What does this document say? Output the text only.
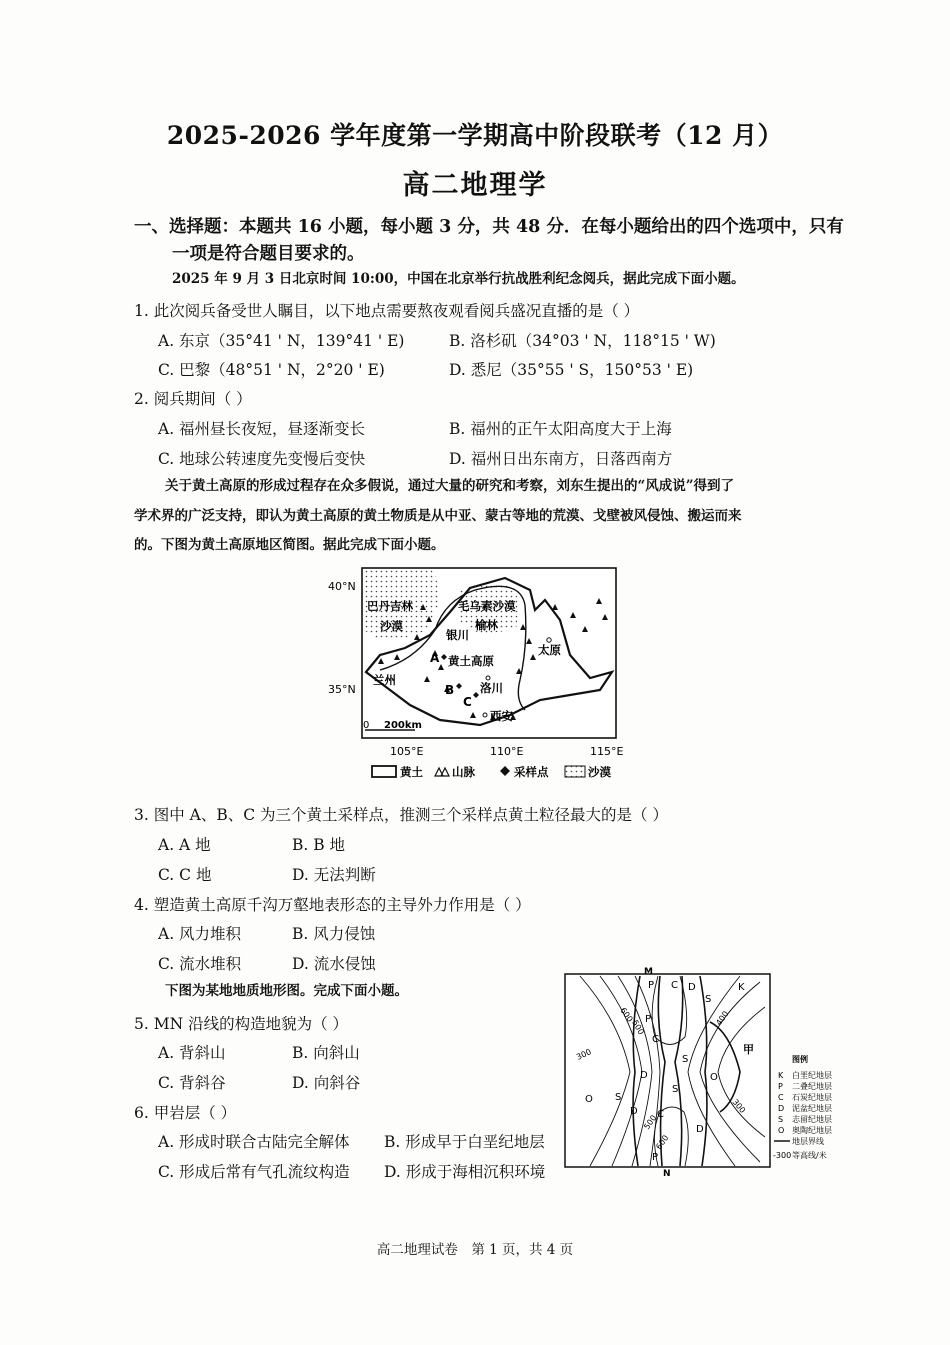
2025-2026 学年度第一学期高中阶段联考（12 月）
高二地理学
一、选择题：本题共 16 小题，每小题 3 分，共 48 分．在每小题给出的四个选项中，只有
一项是符合题目要求的。
2025 年 9 月 3 日北京时间 10:00，中国在北京举行抗战胜利纪念阅兵，据此完成下面小题。
1. 此次阅兵备受世人瞩目，以下地点需要熬夜观看阅兵盛况直播的是（ ）
A. 东京（35°41 ' N，139°41 ' E)	B. 洛杉矶（34°03 ' N，118°15 ' W)
C. 巴黎（48°51 ' N，2°20 ' E)	D. 悉尼（35°55 ' S，150°53 ' E)
2. 阅兵期间（ ）
A. 福州昼长夜短，昼逐渐变长	B. 福州的正午太阳高度大于上海
C. 地球公转速度先变慢后变快	D. 福州日出东南方，日落西南方
关于黄土高原的形成过程存在众多假说，通过大量的研究和考察，刘东生提出的“风成说”得到了
学术界的广泛支持，即认为黄土高原的黄土物质是从中亚、蒙古等地的荒漠、戈壁被风侵蚀、搬运而来
的。下图为黄土高原地区简图。据此完成下面小题。
40°N
35°N
巴丹吉林
沙漠
毛乌素沙漠
榆林
银川
黄土高原
太原
兰州
洛川
西安
A
B
C
0 200km
105°E	110°E	115°E
黄土	山脉	采样点	沙漠
3. 图中 A、B、C 为三个黄土采样点，推测三个采样点黄土粒径最大的是（ ）
A. A 地	B. B 地
C. C 地	D. 无法判断
4. 塑造黄土高原千沟万壑地表形态的主导外力作用是（ ）
A. 风力堆积	B. 风力侵蚀
C. 流水堆积	D. 流水侵蚀
下图为某地地质地形图。完成下面小题。
5. MN 沿线的构造地貌为（ ）
A. 背斜山	B. 向斜山
C. 背斜谷	D. 向斜谷
6. 甲岩层（ ）
A. 形成时联合古陆完全解体 B. 形成早于白垩纪地层
C. 形成后常有气孔流纹构造 D. 形成于海相沉积环境
M
N
甲
600
500
400
300
300
500
600
P C D
S
K
P
C
D
S
S
O
O
D C
S
D
P
图例
K 白垩纪地层
P 二叠纪地层
C 石炭纪地层
D 泥盆纪地层
S 志留纪地层
O 奥陶纪地层
地层界线
-300 等高线/米
高二地理试卷　第 1 页，共 4 页
